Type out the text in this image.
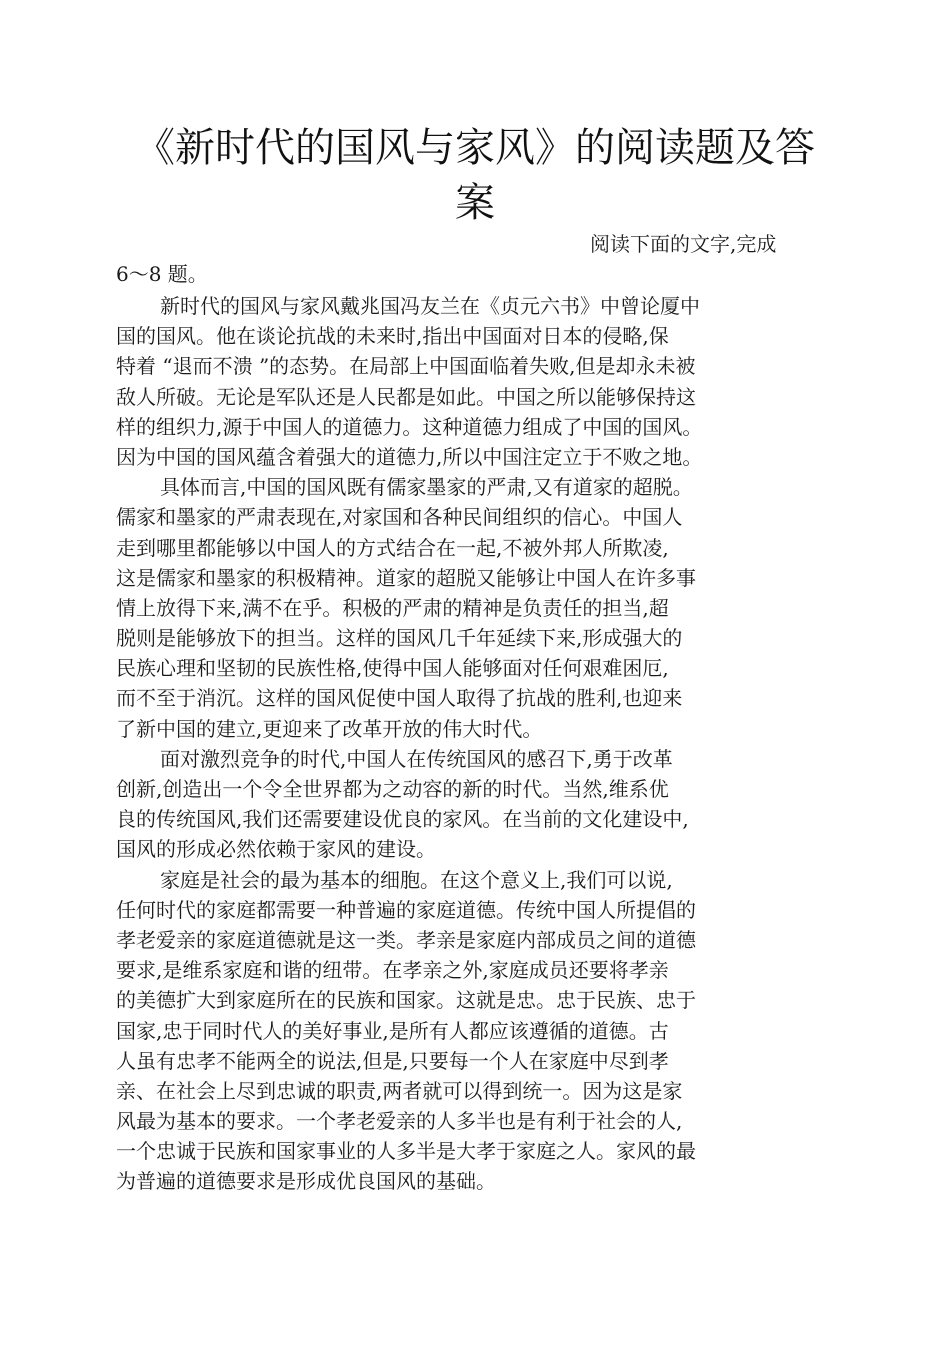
《新时代的国风与家风》的阅读题及答
案
阅读下面的文字,完成
6～8 题。
新时代的国风与家风戴兆国冯友兰在《贞元六书》中曾论厦中
国的国风。他在谈论抗战的未来时,指出中国面对日本的侵略,保
特着 “退而不溃 ”的态势。在局部上中国面临着失败,但是却永未被
敌人所破。无论是军队还是人民都是如此。中国之所以能够保持这
样的组织力,源于中国人的道德力。这种道德力组成了中国的国风。
因为中国的国风蕴含着强大的道德力,所以中国注定立于不败之地。
具体而言,中国的国风既有儒家墨家的严肃,又有道家的超脱。
儒家和墨家的严肃表现在,对家国和各种民间组织的信心。中国人
走到哪里都能够以中国人的方式结合在一起,不被外邦人所欺凌,
这是儒家和墨家的积极精神。道家的超脱又能够让中国人在许多事
情上放得下来,满不在乎。积极的严肃的精神是负责任的担当,超
脱则是能够放下的担当。这样的国风几千年延续下来,形成强大的
民族心理和坚韧的民族性格,使得中国人能够面对任何艰难困厄,
而不至于消沉。这样的国风促使中国人取得了抗战的胜利,也迎来
了新中国的建立,更迎来了改革开放的伟大时代。
面对激烈竞争的时代,中国人在传统国风的感召下,勇于改革
创新,创造出一个令全世界都为之动容的新的时代。当然,维系优
良的传统国风,我们还需要建设优良的家风。在当前的文化建设中,
国风的形成必然依赖于家风的建设。
家庭是社会的最为基本的细胞。在这个意义上,我们可以说,
任何时代的家庭都需要一种普遍的家庭道德。传统中国人所提倡的
孝老爱亲的家庭道德就是这一类。孝亲是家庭内部成员之间的道德
要求,是维系家庭和谐的纽带。在孝亲之外,家庭成员还要将孝亲
的美德扩大到家庭所在的民族和国家。这就是忠。忠于民族、忠于
国家,忠于同时代人的美好事业,是所有人都应该遵循的道德。古
人虽有忠孝不能两全的说法,但是,只要每一个人在家庭中尽到孝
亲、在社会上尽到忠诚的职责,两者就可以得到统一。因为这是家
风最为基本的要求。一个孝老爱亲的人多半也是有利于社会的人,
一个忠诚于民族和国家事业的人多半是大孝于家庭之人。家风的最
为普遍的道德要求是形成优良国风的基础。
